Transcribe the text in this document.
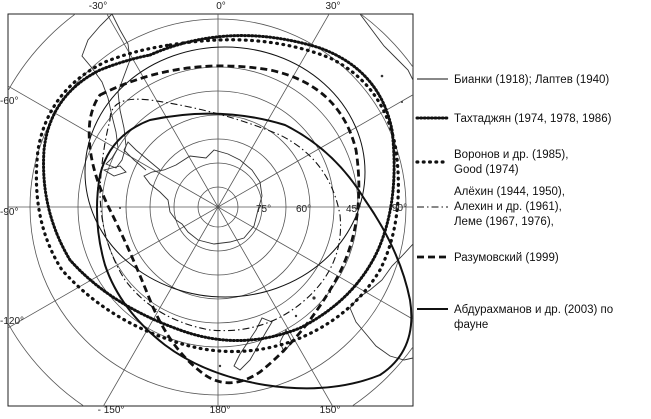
-30°	0°	30°
- 150°	180°	150°
-60°
-90°
-120°
90°
75° 60°	45°
Бианки (1918); Лаптев (1940)
Тахтаджян (1974, 1978, 1986)
Воронов и др. (1985),
Good (1974)
Алёхин (1944, 1950),
Алехин и др. (1961),
Леме (1967, 1976),
Разумовский (1999)
Абдурахманов и др. (2003) по
фауне
